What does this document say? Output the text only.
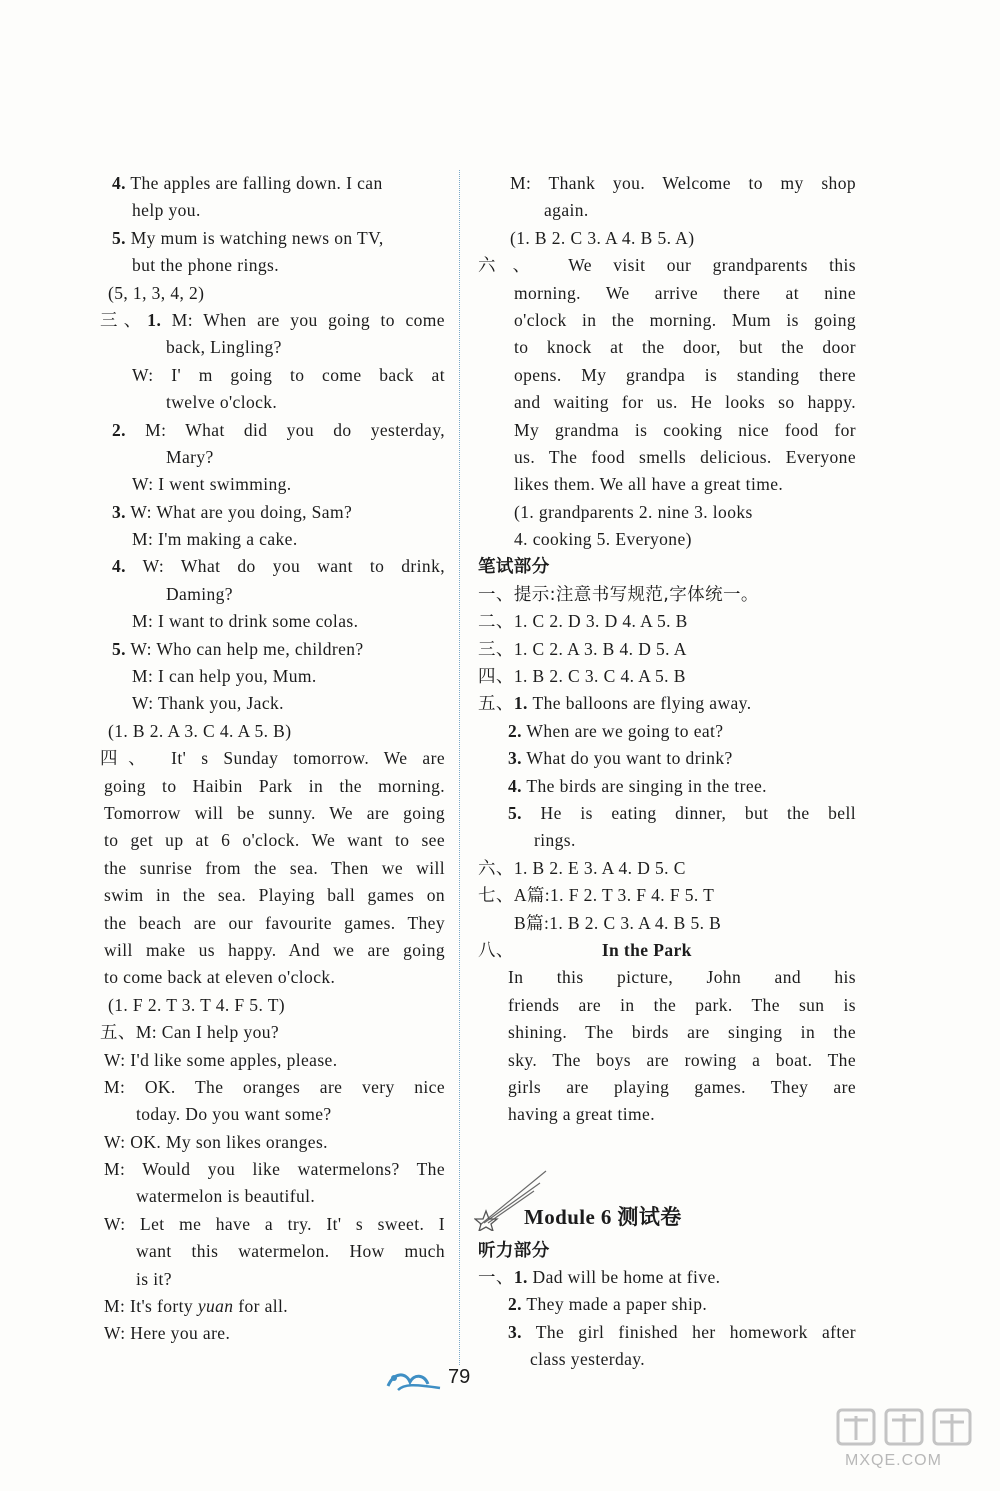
4. The apples are falling down. I can
help you.
5. My mum is watching news on TV,
but the phone rings.
(5, 1, 3, 4, 2)
三、1. M: When are you going to come
back, Lingling?
W: I' m going to come back at
twelve o'clock.
2. M: What did you do yesterday,
Mary?
W: I went swimming.
3. W: What are you doing, Sam?
M: I'm making a cake.
4. W: What do you want to drink,
Daming?
M: I want to drink some colas.
5. W: Who can help me, children?
M: I can help you, Mum.
W: Thank you, Jack.
(1. B 2. A 3. C 4. A 5. B)
四、 It' s Sunday tomorrow. We are
going to Haibin Park in the morning.
Tomorrow will be sunny. We are going
to get up at 6 o'clock. We want to see
the sunrise from the sea. Then we will
swim in the sea. Playing ball games on
the beach are our favourite games. They
will make us happy. And we are going
to come back at eleven o'clock.
(1. F 2. T 3. T 4. F 5. T)
五、M: Can I help you?
W: I'd like some apples, please.
M: OK. The oranges are very nice
today. Do you want some?
W: OK. My son likes oranges.
M: Would you like watermelons? The
watermelon is beautiful.
W: Let me have a try. It' s sweet. I
want this watermelon. How much
is it?
M: It's forty yuan for all.
W: Here you are.
M: Thank you. Welcome to my shop
again.
(1. B 2. C 3. A 4. B 5. A)
六、 We visit our grandparents this
morning. We arrive there at nine
o'clock in the morning. Mum is going
to knock at the door, but the door
opens. My grandpa is standing there
and waiting for us. He looks so happy.
My grandma is cooking nice food for
us. The food smells delicious. Everyone
likes them. We all have a great time.
(1. grandparents 2. nine 3. looks
4. cooking 5. Everyone)
笔试部分
一、提示:注意书写规范,字体统一。
二、1. C 2. D 3. D 4. A 5. B
三、1. C 2. A 3. B 4. D 5. A
四、1. B 2. C 3. C 4. A 5. B
五、1. The balloons are flying away.
2. When are we going to eat?
3. What do you want to drink?
4. The birds are singing in the tree.
5. He is eating dinner, but the bell
rings.
六、1. B 2. E 3. A 4. D 5. C
七、A篇:1. F 2. T 3. F 4. F 5. T
B篇:1. B 2. C 3. A 4. B 5. B
八、	In the Park
In this picture, John and his
friends are in the park. The sun is
shining. The birds are singing in the
sky. The boys are rowing a boat. The
girls are playing games. They are
having a great time.
Module 6 测试卷
听力部分
一、1. Dad will be home at five.
2. They made a paper ship.
3. The girl finished her homework after
class yesterday.
79
MXQE.COM
